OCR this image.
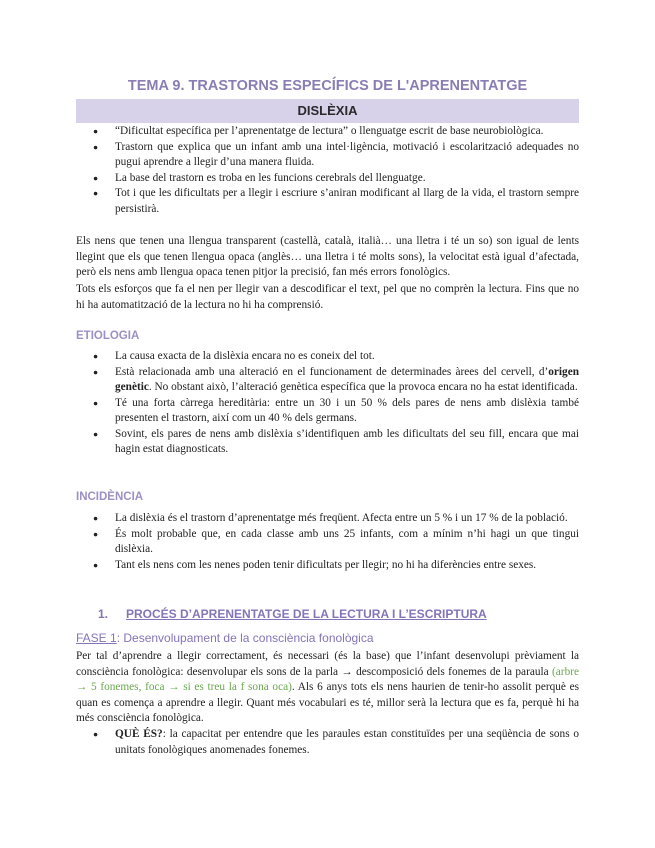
TEMA 9. TRASTORNS ESPECÍFICS DE L'APRENENTATGE
DISLÈXIA
● “Dificultat específica per l’aprenentatge de lectura” o llenguatge escrit de base neurobiològica.
● Trastorn que explica que un infant amb una intel·ligència, motivació i escolarització adequades no pugui aprendre a llegir d’una manera fluida.
● La base del trastorn es troba en les funcions cerebrals del llenguatge.
● Tot i que les dificultats per a llegir i escriure s’aniran modificant al llarg de la vida, el trastorn sempre persistirà.
Els nens que tenen una llengua transparent (castellà, català, italià… una lletra i té un so) son igual de lents llegint que els que tenen llengua opaca (anglès… una lletra i té molts sons), la velocitat està igual d’afectada, però els nens amb llengua opaca tenen pitjor la precisió, fan més errors fonològics.
Tots els esforços que fa el nen per llegir van a descodificar el text, pel que no comprèn la lectura. Fins que no hi ha automatització de la lectura no hi ha comprensió.
ETIOLOGIA
● La causa exacta de la dislèxia encara no es coneix del tot.
● Està relacionada amb una alteració en el funcionament de determinades àrees del cervell, d’origen genètic. No obstant això, l’alteració genètica específica que la provoca encara no ha estat identificada.
● Té una forta càrrega hereditària: entre un 30 i un 50 % dels pares de nens amb dislèxia també presenten el trastorn, així com un 40 % dels germans.
● Sovint, els pares de nens amb dislèxia s’identifiquen amb les dificultats del seu fill, encara que mai hagin estat diagnosticats.
INCIDÈNCIA
● La dislèxia és el trastorn d’aprenentatge més freqüent. Afecta entre un 5 % i un 17 % de la població.
● És molt probable que, en cada classe amb uns 25 infants, com a mínim n’hi hagi un que tingui dislèxia.
● Tant els nens com les nenes poden tenir dificultats per llegir; no hi ha diferències entre sexes.
1. PROCÉS D’APRENENTATGE DE LA LECTURA I L’ESCRIPTURA
FASE 1: Desenvolupament de la consciència fonològica
Per tal d’aprendre a llegir correctament, és necessari (és la base) que l’infant desenvolupi prèviament la consciència fonològica: desenvolupar els sons de la parla → descomposició dels fonemes de la paraula (arbre → 5 fonemes, foca → si es treu la f sona oca). Als 6 anys tots els nens haurien de tenir-ho assolit perquè es quan es comença a aprendre a llegir. Quant més vocabulari es té, millor serà la lectura que es fa, perquè hi ha més consciència fonològica.
● QUÈ ÉS?: la capacitat per entendre que les paraules estan constituïdes per una seqüència de sons o unitats fonològiques anomenades fonemes.
